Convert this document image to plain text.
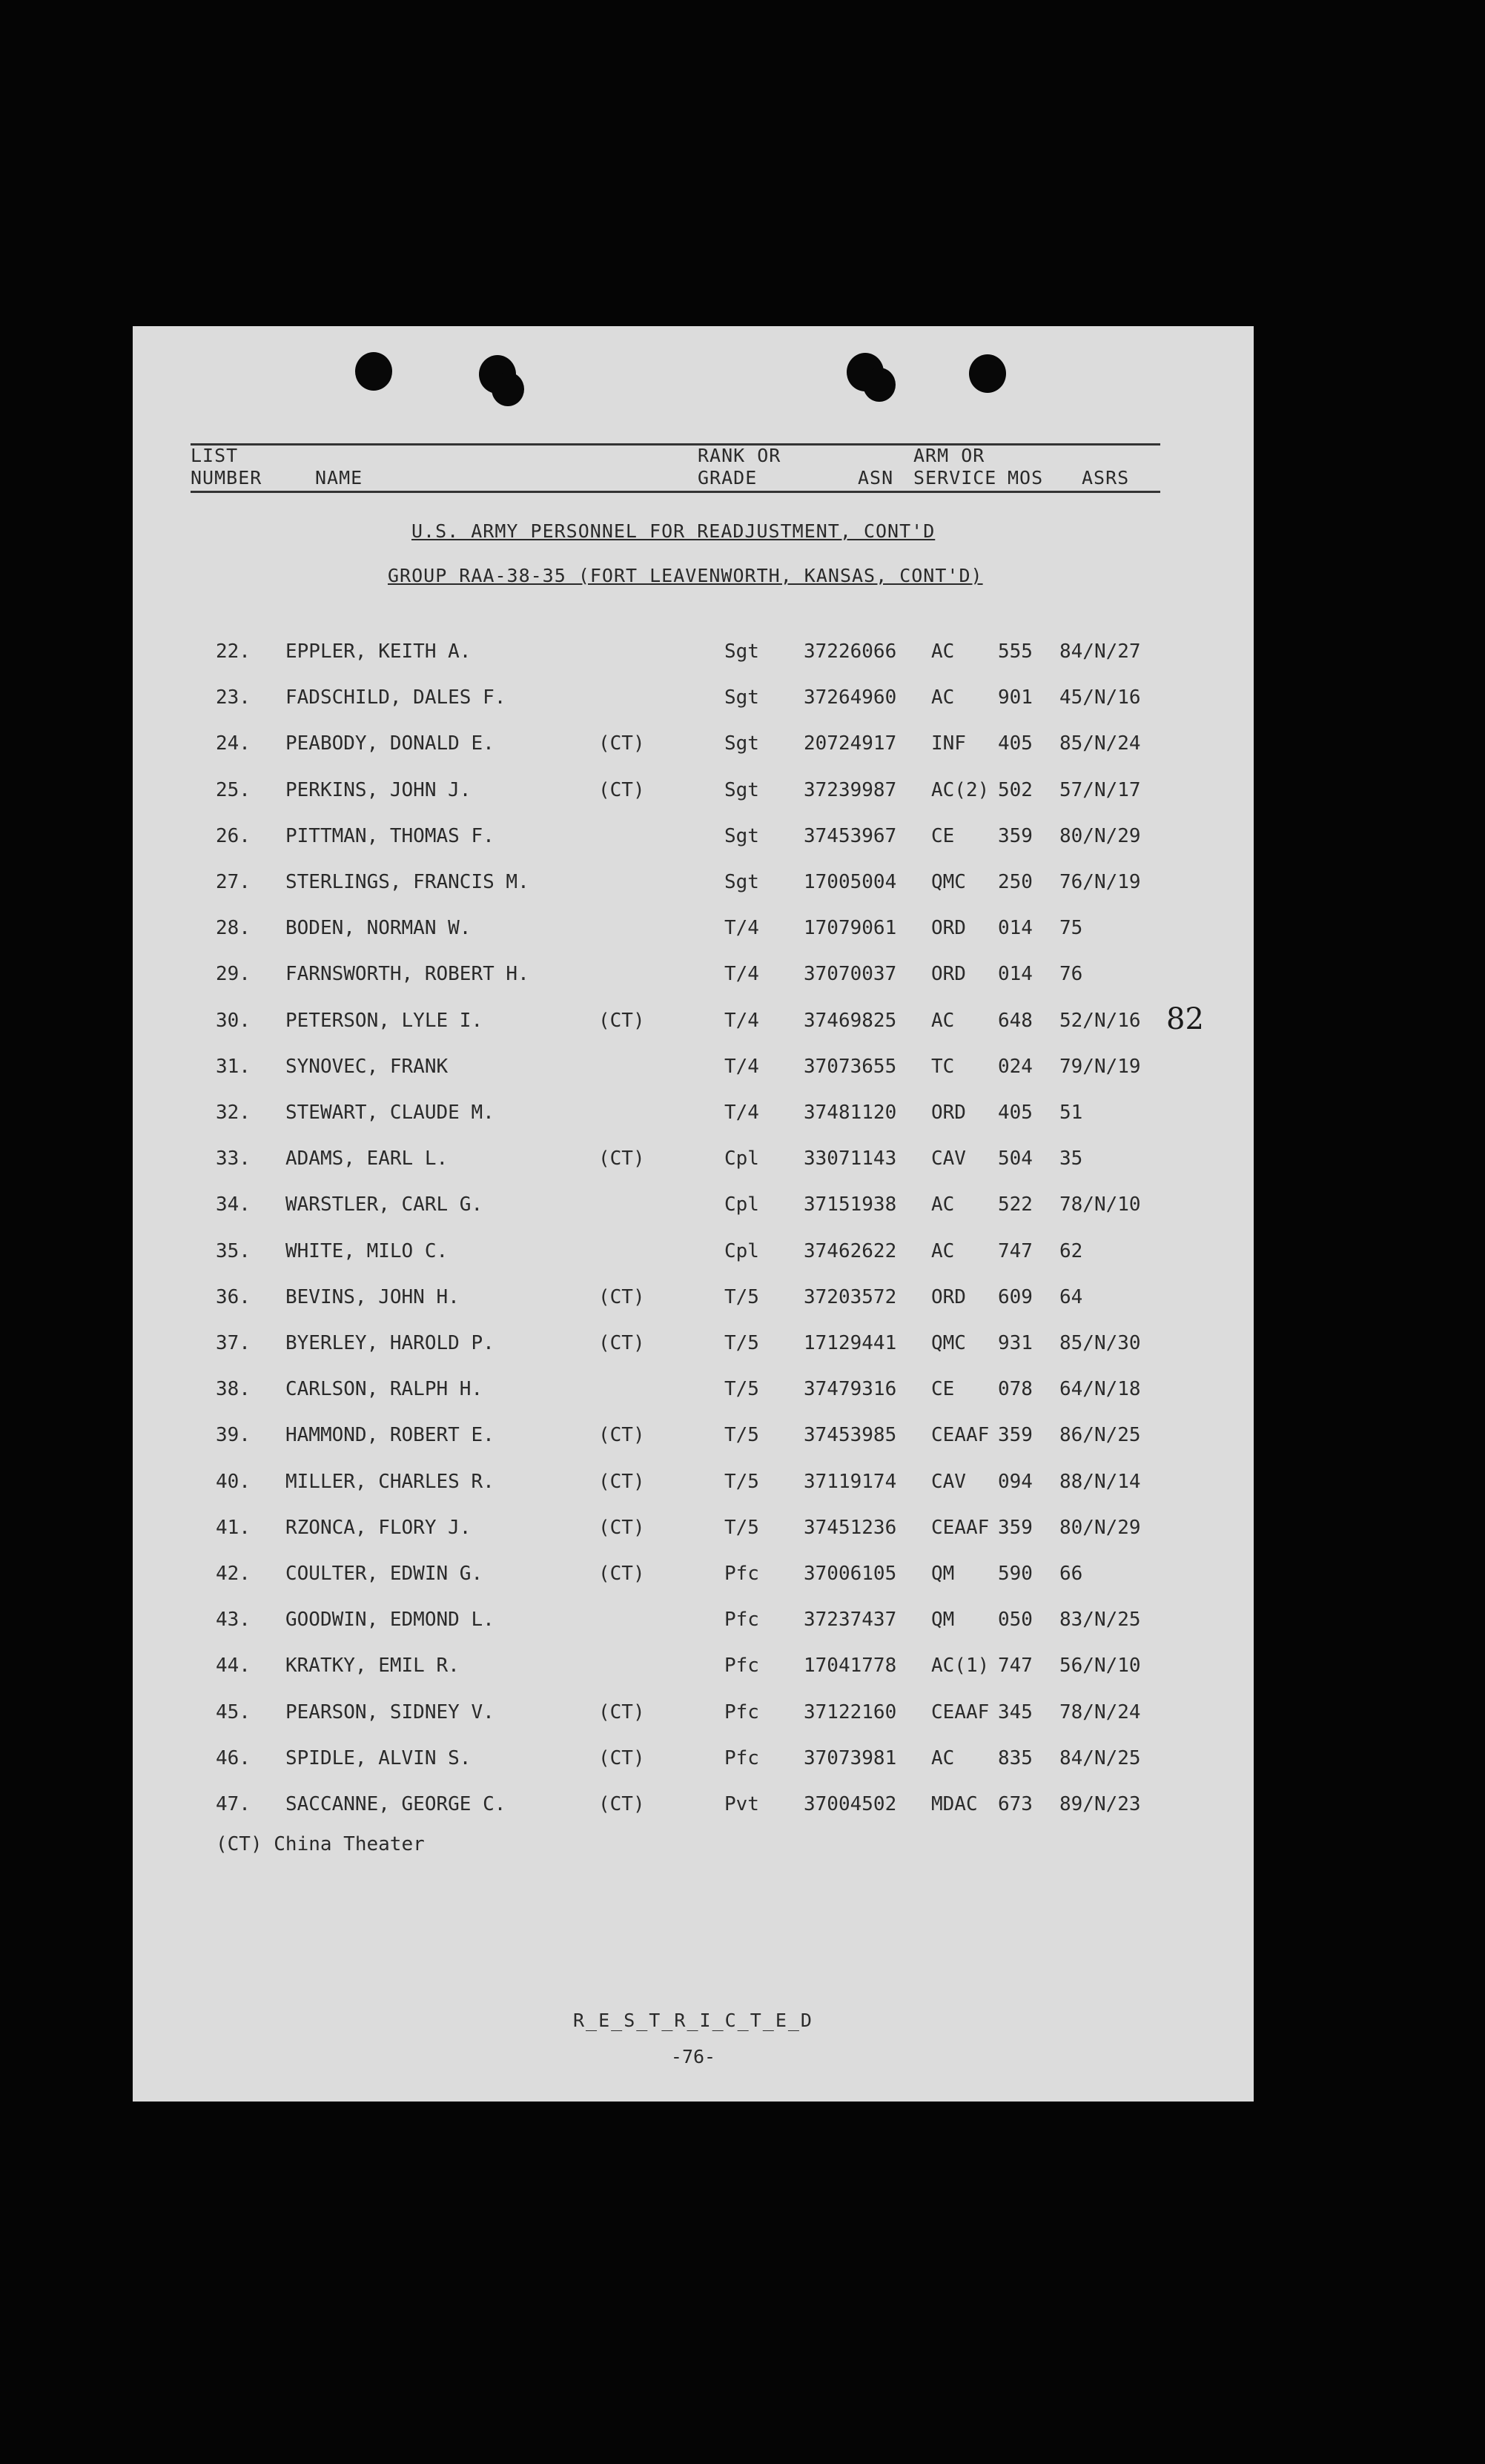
LIST
NUMBER	NAME
RANK OR
GRADE	ASN
ARM OR
SERVICE MOS ASRS
U.S. ARMY PERSONNEL FOR READJUSTMENT, CONT'D
GROUP RAA-38-35 (FORT LEAVENWORTH, KANSAS, CONT'D)
22. EPPLER, KEITH A.	Sgt 37226066 AC 555 84/N/27
23. FADSCHILD, DALES F.	Sgt 37264960 AC 901 45/N/16
24. PEABODY, DONALD E.	(CT)	Sgt 20724917 INF 405 85/N/24
25. PERKINS, JOHN J.	(CT)	Sgt 37239987 AC(2) 502 57/N/17
26. PITTMAN, THOMAS F.	Sgt 37453967 CE 359 80/N/29
27. STERLINGS, FRANCIS M.	Sgt 17005004 QMC 250 76/N/19
28. BODEN, NORMAN W.	T/4 17079061 ORD 014 75
29. FARNSWORTH, ROBERT H.	T/4 37070037 ORD 014 76
30. PETERSON, LYLE I.	(CT)	T/4 37469825 AC 648 52/N/16
31. SYNOVEC, FRANK	T/4 37073655 TC 024 79/N/19
32. STEWART, CLAUDE M.	T/4 37481120 ORD 405 51
33. ADAMS, EARL L.	(CT)	Cpl 33071143 CAV 504 35
34. WARSTLER, CARL G.	Cpl 37151938 AC 522 78/N/10
35. WHITE, MILO C.	Cpl 37462622 AC 747 62
36. BEVINS, JOHN H.	(CT)	T/5 37203572 ORD 609 64
37. BYERLEY, HAROLD P.	(CT)	T/5 17129441 QMC 931 85/N/30
38. CARLSON, RALPH H.	T/5 37479316 CE 078 64/N/18
39. HAMMOND, ROBERT E.	(CT)	T/5 37453985 CEAAF 359 86/N/25
40. MILLER, CHARLES R.	(CT)	T/5 37119174 CAV 094 88/N/14
41. RZONCA, FLORY J.	(CT)	T/5 37451236 CEAAF 359 80/N/29
42. COULTER, EDWIN G.	(CT)	Pfc 37006105 QM 590 66
43. GOODWIN, EDMOND L.	Pfc 37237437 QM 050 83/N/25
44. KRATKY, EMIL R.	Pfc 17041778 AC(1) 747 56/N/10
45. PEARSON, SIDNEY V.	(CT)	Pfc 37122160 CEAAF 345 78/N/24
46. SPIDLE, ALVIN S.	(CT)	Pfc 37073981 AC 835 84/N/25
47. SACCANNE, GEORGE C.	(CT)	Pvt 37004502 MDAC 673 89/N/23
82
(CT) China Theater
R_E_S_T_R_I_C_T_E_D
-76-
